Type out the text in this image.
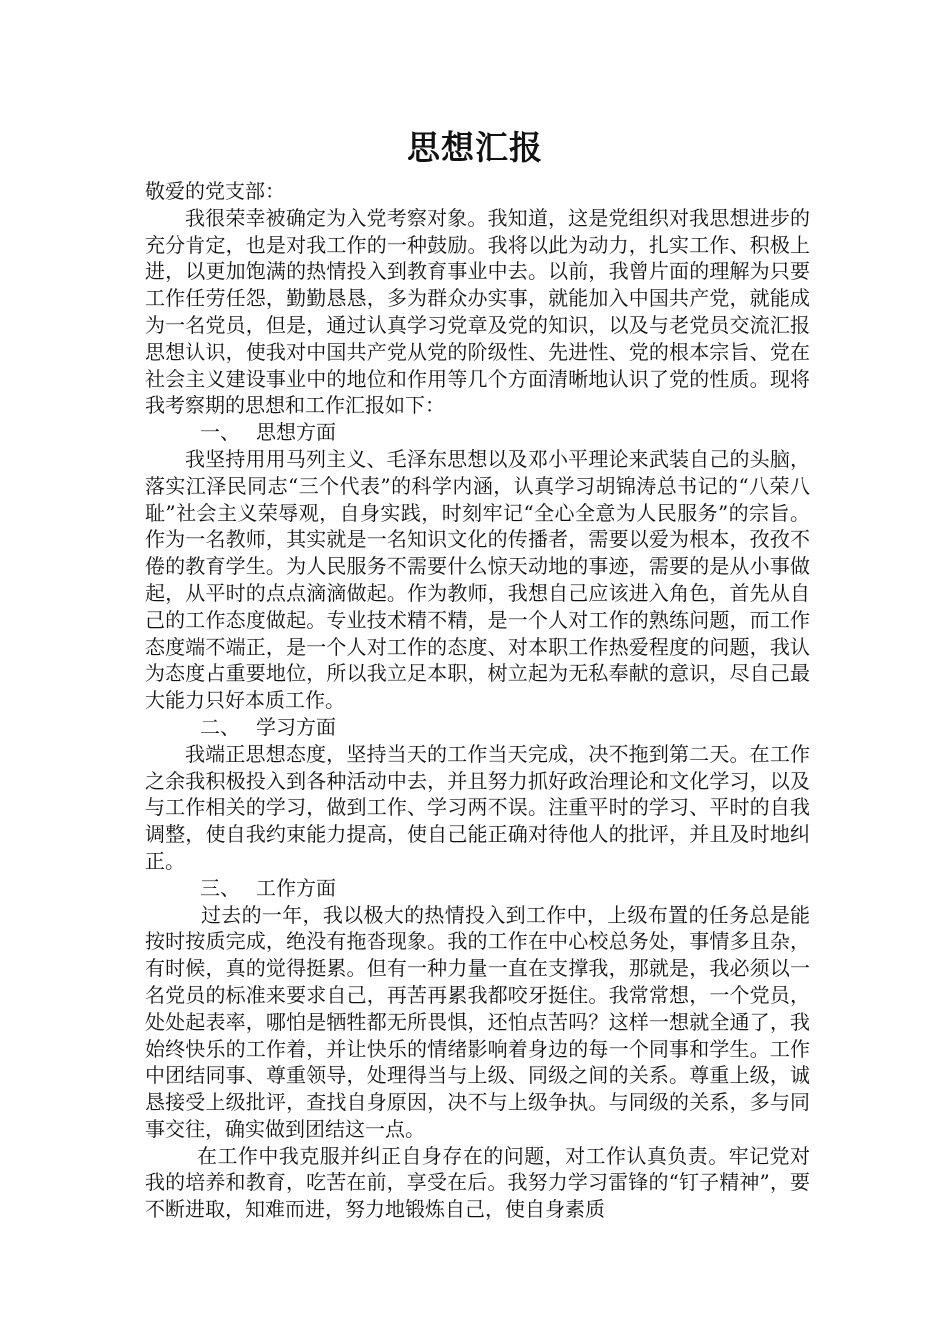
思想汇报

敬爱的党支部：

我很荣幸被确定为入党考察对象。我知道，这是党组织对我思想进步的充分肯定，也是对我工作的一种鼓励。我将以此为动力，扎实工作、积极上进，以更加饱满的热情投入到教育事业中去。以前，我曾片面的理解为只要工作任劳任怨，勤勤恳恳，多为群众办实事，就能加入中国共产党，就能成为一名党员，但是，通过认真学习党章及党的知识，以及与老党员交流汇报思想认识，使我对中国共产党从党的阶级性、先进性、党的根本宗旨、党在社会主义建设事业中的地位和作用等几个方面清晰地认识了党的性质。现将我考察期的思想和工作汇报如下：

一、 思想方面

我坚持用用马列主义、毛泽东思想以及邓小平理论来武装自己的头脑，落实江泽民同志“三个代表”的科学内涵，认真学习胡锦涛总书记的“八荣八耻”社会主义荣辱观，自身实践，时刻牢记“全心全意为人民服务”的宗旨。作为一名教师，其实就是一名知识文化的传播者，需要以爱为根本，孜孜不倦的教育学生。为人民服务不需要什么惊天动地的事迹，需要的是从小事做起，从平时的点点滴滴做起。作为教师，我想自己应该进入角色，首先从自己的工作态度做起。专业技术精不精，是一个人对工作的熟练问题，而工作态度端不端正，是一个人对工作的态度、对本职工作热爱程度的问题，我认为态度占重要地位，所以我立足本职，树立起为无私奉献的意识，尽自己最大能力只好本质工作。

二、 学习方面

我端正思想态度，坚持当天的工作当天完成，决不拖到第二天。在工作之余我积极投入到各种活动中去，并且努力抓好政治理论和文化学习，以及与工作相关的学习，做到工作、学习两不误。注重平时的学习、平时的自我调整，使自我约束能力提高，使自己能正确对待他人的批评，并且及时地纠正。

三、 工作方面

过去的一年，我以极大的热情投入到工作中，上级布置的任务总是能按时按质完成，绝没有拖沓现象。我的工作在中心校总务处，事情多且杂，有时候，真的觉得挺累。但有一种力量一直在支撑我，那就是，我必须以一名党员的标准来要求自己，再苦再累我都咬牙挺住。我常常想，一个党员，处处起表率，哪怕是牺牲都无所畏惧，还怕点苦吗？这样一想就全通了，我始终快乐的工作着，并让快乐的情绪影响着身边的每一个同事和学生。工作中团结同事、尊重领导，处理得当与上级、同级之间的关系。尊重上级，诚恳接受上级批评，查找自身原因，决不与上级争执。与同级的关系，多与同事交往，确实做到团结这一点。

在工作中我克服并纠正自身存在的问题，对工作认真负责。牢记党对我的培养和教育，吃苦在前，享受在后。我努力学习雷锋的“钉子精神”，要不断进取，知难而进，努力地锻炼自己，使自身素质
